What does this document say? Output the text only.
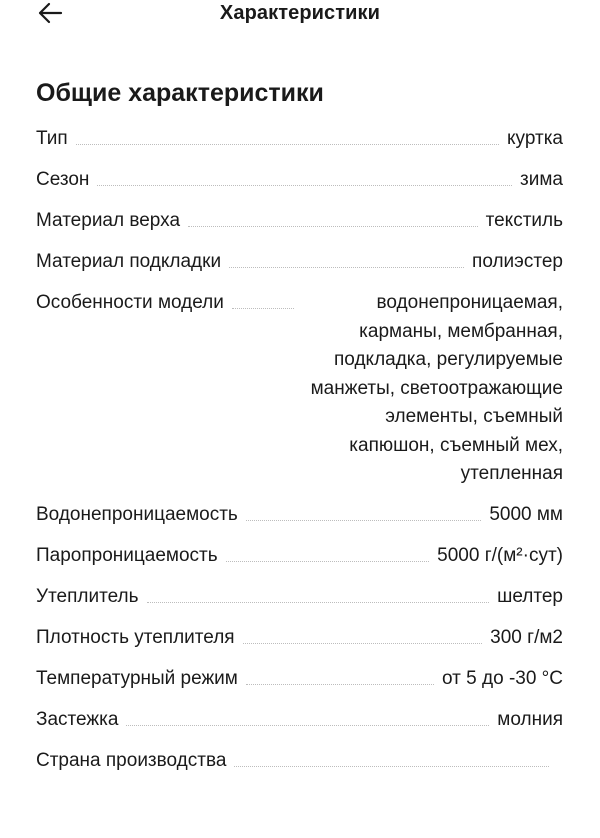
Характеристики
Общие характеристики
Тип	куртка
Сезон	зима
Материал верха	текстиль
Материал подкладки	полиэстер
Особенности модели	водонепроницаемая, карманы, мембранная, подкладка, регулируемые манжеты, светоотражающие элементы, съемный капюшон, съемный мех, утепленная
Водонепроницаемость	5000 мм
Паропроницаемость	5000 г/(м²·сут)
Утеплитель	шелтер
Плотность утеплителя	300 г/м2
Температурный режим	от 5 до -30 °С
Застежка	молния
Страна производства
